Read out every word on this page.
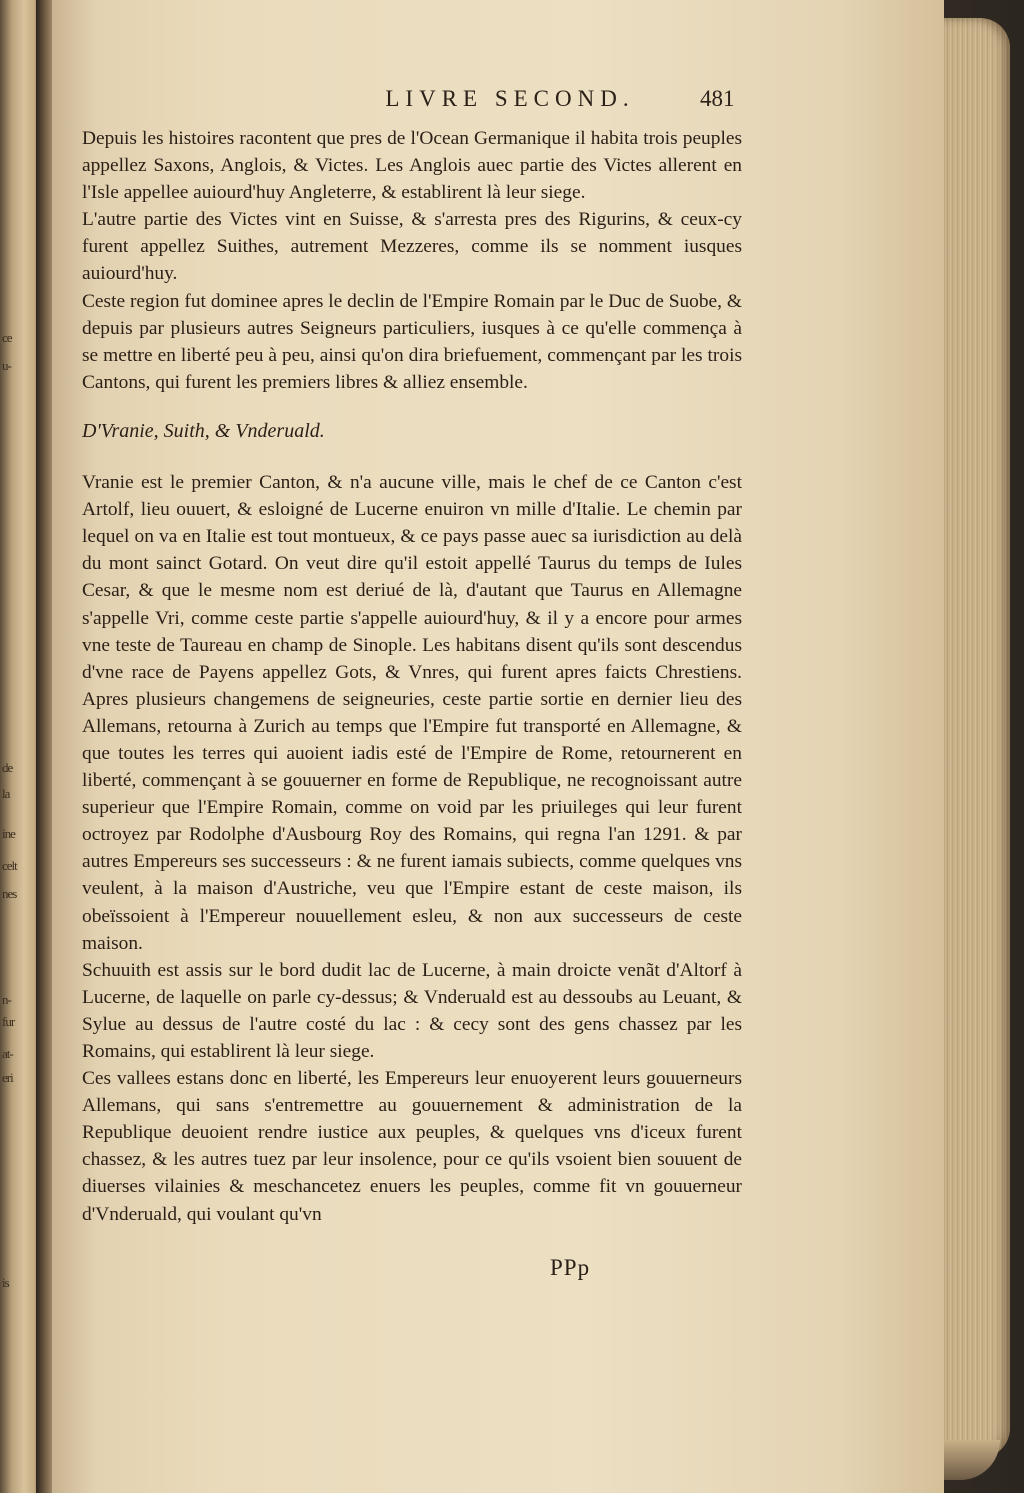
ce
u-
de
la
ine
celt
nes
n-
fur
at-
eri
is
LIVRE SECOND.	481

Depuis les histoires racontent que pres de l'Ocean Germanique il habita trois peuples appellez Saxons, Anglois, & Victes. Les Anglois auec partie des Victes allerent en l'Isle appellee auiourd'huy Angleterre, & establirent là leur siege.

L'autre partie des Victes vint en Suisse, & s'arresta pres des Rigurins, & ceux-cy furent appellez Suithes, autrement Mezzeres, comme ils se nomment iusques auiourd'huy.

Ceste region fut dominee apres le declin de l'Empire Romain par le Duc de Suobe, & depuis par plusieurs autres Seigneurs particuliers, iusques à ce qu'elle commença à se mettre en liberté peu à peu, ainsi qu'on dira briefuement, commençant par les trois Cantons, qui furent les premiers libres & alliez ensemble.

D'Vranie, Suith, & Vnderuald.

Vranie est le premier Canton, & n'a aucune ville, mais le chef de ce Canton c'est Artolf, lieu ouuert, & esloigné de Lucerne enuiron vn mille d'Italie. Le chemin par lequel on va en Italie est tout montueux, & ce pays passe auec sa iurisdiction au delà du mont sainct Gotard. On veut dire qu'il estoit appellé Taurus du temps de Iules Cesar, & que le mesme nom est deriué de là, d'autant que Taurus en Allemagne s'appelle Vri, comme ceste partie s'appelle auiourd'huy, & il y a encore pour armes vne teste de Taureau en champ de Sinople. Les habitans disent qu'ils sont descendus d'vne race de Payens appellez Gots, & Vnres, qui furent apres faicts Chrestiens. Apres plusieurs changemens de seigneuries, ceste partie sortie en dernier lieu des Allemans, retourna à Zurich au temps que l'Empire fut transporté en Allemagne, & que toutes les terres qui auoient iadis esté de l'Empire de Rome, retournerent en liberté, commençant à se gouuerner en forme de Republique, ne recognoissant autre superieur que l'Empire Romain, comme on void par les priuileges qui leur furent octroyez par Rodolphe d'Ausbourg Roy des Romains, qui regna l'an 1291. & par autres Empereurs ses successeurs : & ne furent iamais subiects, comme quelques vns veulent, à la maison d'Austriche, veu que l'Empire estant de ceste maison, ils obeïssoient à l'Empereur nouuellement esleu, & non aux successeurs de ceste maison.

Schuuith est assis sur le bord dudit lac de Lucerne, à main droicte venãt d'Altorf à Lucerne, de laquelle on parle cy-dessus; & Vnderuald est au dessoubs au Leuant, & Sylue au dessus de l'autre costé du lac : & cecy sont des gens chassez par les Romains, qui establirent là leur siege.

Ces vallees estans donc en liberté, les Empereurs leur enuoyerent leurs gouuerneurs Allemans, qui sans s'entremettre au gouuernement & administration de la Republique deuoient rendre iustice aux peuples, & quelques vns d'iceux furent chassez, & les autres tuez par leur insolence, pour ce qu'ils vsoient bien souuent de diuerses vilainies & meschancetez enuers les peuples, comme fit vn gouuerneur d'Vnderuald, qui voulant qu'vn

PPp
